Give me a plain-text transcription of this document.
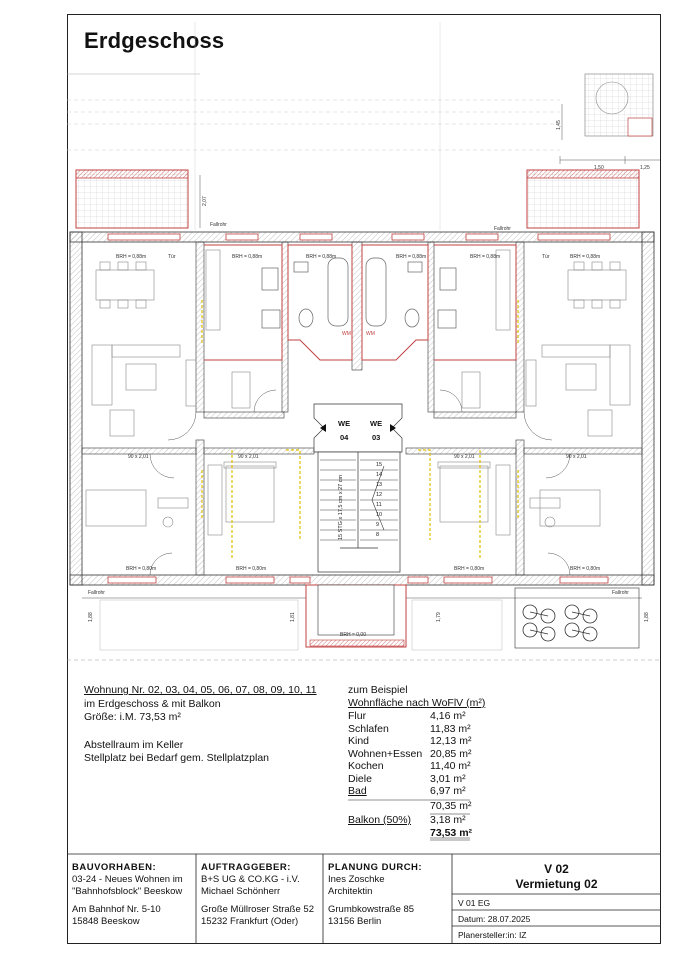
Erdgeschoss
WM	WM
WE
04
WE
03
15 STG x 17,5 cm x 27 cm
15
14
13
12
11
10
9
8
BRH = 0,88m	Tür	BRH = 0,88m	BRH = 0,88m	BRH = 0,88m	BRH = 0,88m	Tür	BRH = 0,88m
BRH = 0,80m	BRH = 0,80m	BRH = 0,80m	BRH = 0,80m
BRH = 0,00
Fallrohr
Fallrohr
Fallrohr	Fallrohr
90 x 2,01	90 x 2,01	90 x 2,01	90 x 2,01
1,50	1,25
1,45
2,07
1,81	1,79
1,88	1,88
Wohnung Nr. 02, 03, 04, 05, 06, 07, 08, 09, 10, 11
im Erdgeschoss & mit Balkon
Größe: i.M. 73,53 m²
Abstellraum im Keller
Stellplatz bei Bedarf gem. Stellplatzplan
zum Beispiel
Wohnfläche nach WoFlV (m²)
Flur	4,16 m²
Schlafen	11,83 m²
Kind	12,13 m²
Wohnen+Essen 20,85 m²
Kochen	11,40 m²
Diele	3,01 m²
Bad	6,97 m²
70,35 m²
Balkon (50%) 3,18 m²
73,53 m²
BAUVORHABEN:
03-24 - Neues Wohnen im
"Bahnhofsblock" Beeskow
Am Bahnhof Nr. 5-10
15848 Beeskow
AUFTRAGGEBER:
B+S UG & CO.KG - i.V.
Michael Schönherr
Große Müllroser Straße 52
15232 Frankfurt (Oder)
PLANUNG DURCH:
Ines Zoschke
Architektin
Grumbkowstraße 85
13156 Berlin
V 02
Vermietung 02
V 01 EG
Datum: 28.07.2025
Planersteller:in: IZ
